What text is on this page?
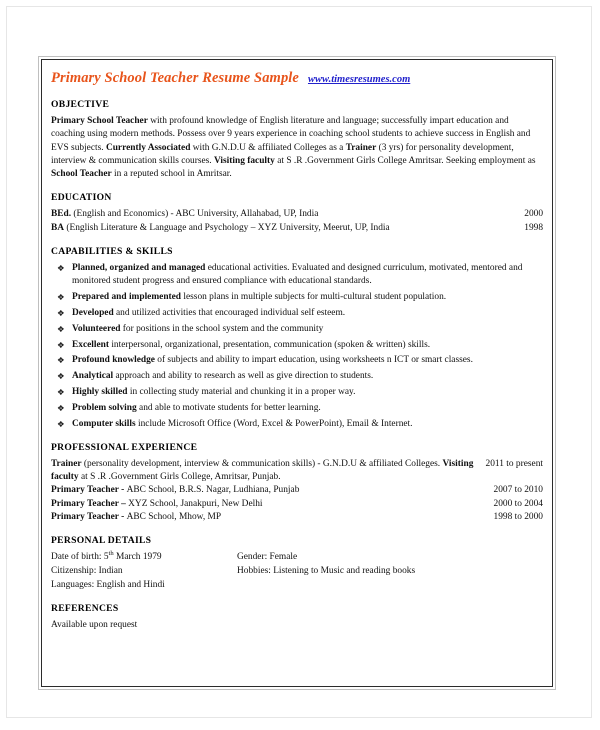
Primary School Teacher Resume Sample www.timesresumes.com
OBJECTIVE

Primary School Teacher with profound knowledge of English literature and language; successfully impart education and coaching using modern methods. Possess over 9 years experience in coaching school students to achieve success in English and EVS subjects. Currently Associated with G.N.D.U & affiliated Colleges as a Trainer (3 yrs) for personality development, interview & communication skills courses. Visiting faculty at S .R .Government Girls College Amritsar. Seeking employment as School Teacher in a reputed school in Amritsar.

EDUCATION
BEd. (English and Economics) - ABC University, Allahabad, UP, India	2000
BA (English Literature & Language and Psychology – XYZ University, Meerut, UP, India	1998
CAPABILITIES & SKILLS
❖ Planned, organized and managed educational activities. Evaluated and designed curriculum, motivated, mentored and monitored student progress and ensured compliance with educational standards.
❖ Prepared and implemented lesson plans in multiple subjects for multi-cultural student population.
❖ Developed and utilized activities that encouraged individual self esteem.
❖ Volunteered for positions in the school system and the community
❖ Excellent interpersonal, organizational, presentation, communication (spoken & written) skills.
❖ Profound knowledge of subjects and ability to impart education, using worksheets n ICT or smart classes.
❖ Analytical approach and ability to research as well as give direction to students.
❖ Highly skilled in collecting study material and chunking it in a proper way.
❖ Problem solving and able to motivate students for better learning.
❖ Computer skills include Microsoft Office (Word, Excel & PowerPoint), Email & Internet.
PROFESSIONAL EXPERIENCE
Trainer (personality development, interview & communication skills) - G.N.D.U & affiliated Colleges. Visiting faculty at S .R .Government Girls College, Amritsar, Punjab.
2011 to present
Primary Teacher - ABC School, B.R.S. Nagar, Ludhiana, Punjab	2007 to 2010
Primary Teacher – XYZ School, Janakpuri, New Delhi	2000 to 2004
Primary Teacher - ABC School, Mhow, MP	1998 to 2000
PERSONAL DETAILS
Date of birth: 5th March 1979	Gender: Female
Citizenship: Indian	Hobbies: Listening to Music and reading books
Languages: English and Hindi
REFERENCES
Available upon request
